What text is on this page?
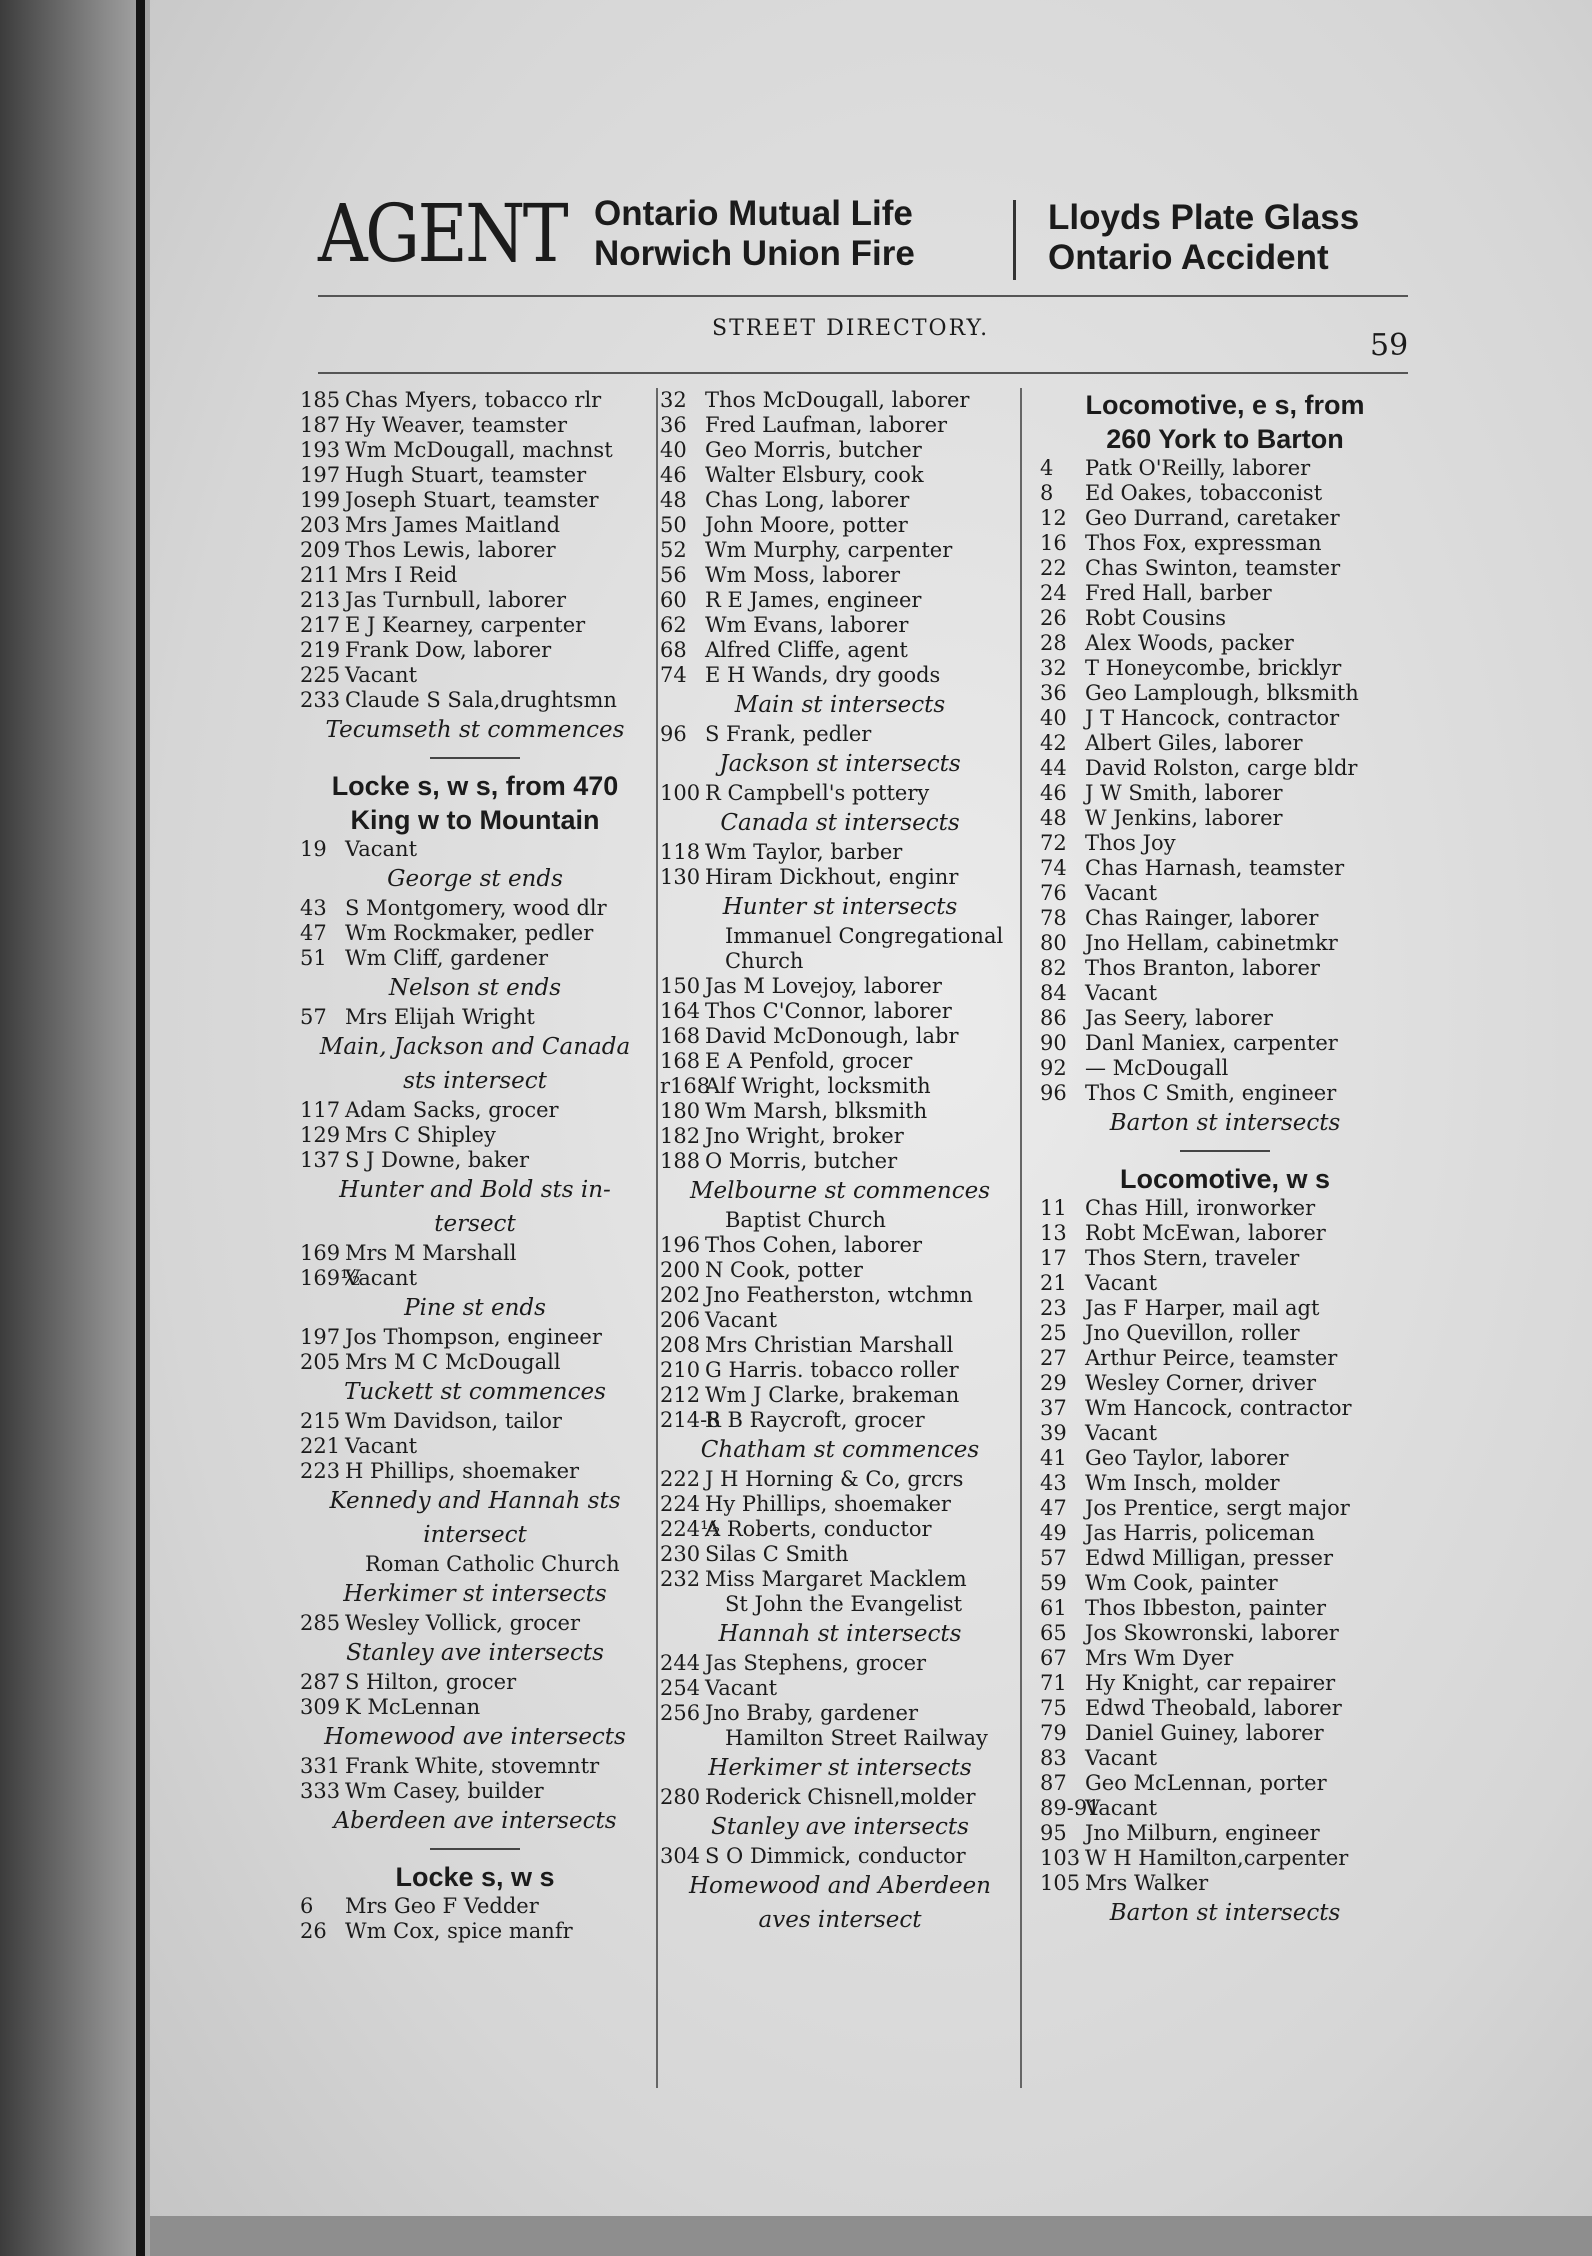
AGENT Ontario Mutual Life
Norwich Union Fire
Lloyds Plate Glass
Ontario Accident
STREET DIRECTORY.	59
185 Chas Myers, tobacco rlr
187 Hy Weaver, teamster
193 Wm McDougall, machnst
197 Hugh Stuart, teamster
199 Joseph Stuart, teamster
203 Mrs James Maitland
209 Thos Lewis, laborer
211 Mrs I Reid
213 Jas Turnbull, laborer
217 E J Kearney, carpenter
219 Frank Dow, laborer
225 Vacant
233 Claude S Sala,drughtsmn
Tecumseth st commences
Locke s, w s, from 470
King w to Mountain
19 Vacant
George st ends
43 S Montgomery, wood dlr
47 Wm Rockmaker, pedler
51 Wm Cliff, gardener
Nelson st ends
57 Mrs Elijah Wright
Main, Jackson and Canada
sts intersect
117 Adam Sacks, grocer
129 Mrs C Shipley
137 S J Downe, baker
Hunter and Bold sts in-
tersect
169 Mrs M Marshall
169½Vacant
Pine st ends
197 Jos Thompson, engineer
205 Mrs M C McDougall
Tuckett st commences
215 Wm Davidson, tailor
221 Vacant
223 H Phillips, shoemaker
Kennedy and Hannah sts
intersect
Roman Catholic Church
Herkimer st intersects
285 Wesley Vollick, grocer
Stanley ave intersects
287 S Hilton, grocer
309 K McLennan
Homewood ave intersects
331 Frank White, stovemntr
333 Wm Casey, builder
Aberdeen ave intersects
Locke s, w s
6 Mrs Geo F Vedder
26 Wm Cox, spice manfr
32 Thos McDougall, laborer
36 Fred Laufman, laborer
40 Geo Morris, butcher
46 Walter Elsbury, cook
48 Chas Long, laborer
50 John Moore, potter
52 Wm Murphy, carpenter
56 Wm Moss, laborer
60 R E James, engineer
62 Wm Evans, laborer
68 Alfred Cliffe, agent
74 E H Wands, dry goods
Main st intersects
96 S Frank, pedler
Jackson st intersects
100 R Campbell's pottery
Canada st intersects
118 Wm Taylor, barber
130 Hiram Dickhout, enginr
Hunter st intersects
Immanuel Congregational
Church
150 Jas M Lovejoy, laborer
164 Thos C'Connor, laborer
168 David McDonough, labr
168 E A Penfold, grocer
r168Alf Wright, locksmith
180 Wm Marsh, blksmith
182 Jno Wright, broker
188 O Morris, butcher
Melbourne st commences
Baptist Church
196 Thos Cohen, laborer
200 N Cook, potter
202 Jno Featherston, wtchmn
206 Vacant
208 Mrs Christian Marshall
210 G Harris. tobacco roller
212 Wm J Clarke, brakeman
214-8R B Raycroft, grocer
Chatham st commences
222 J H Horning & Co, grcrs
224 Hy Phillips, shoemaker
224½A Roberts, conductor
230 Silas C Smith
232 Miss Margaret Macklem
St John the Evangelist
Hannah st intersects
244 Jas Stephens, grocer
254 Vacant
256 Jno Braby, gardener
Hamilton Street Railway
Herkimer st intersects
280 Roderick Chisnell,molder
Stanley ave intersects
304 S O Dimmick, conductor
Homewood and Aberdeen
aves intersect
Locomotive, e s, from
260 York to Barton
4 Patk O'Reilly, laborer
8 Ed Oakes, tobacconist
12 Geo Durrand, caretaker
16 Thos Fox, expressman
22 Chas Swinton, teamster
24 Fred Hall, barber
26 Robt Cousins
28 Alex Woods, packer
32 T Honeycombe, bricklyr
36 Geo Lamplough, blksmith
40 J T Hancock, contractor
42 Albert Giles, laborer
44 David Rolston, carge bldr
46 J W Smith, laborer
48 W Jenkins, laborer
72 Thos Joy
74 Chas Harnash, teamster
76 Vacant
78 Chas Rainger, laborer
80 Jno Hellam, cabinetmkr
82 Thos Branton, laborer
84 Vacant
86 Jas Seery, laborer
90 Danl Maniex, carpenter
92 — McDougall
96 Thos C Smith, engineer
Barton st intersects
Locomotive, w s
11 Chas Hill, ironworker
13 Robt McEwan, laborer
17 Thos Stern, traveler
21 Vacant
23 Jas F Harper, mail agt
25 Jno Quevillon, roller
27 Arthur Peirce, teamster
29 Wesley Corner, driver
37 Wm Hancock, contractor
39 Vacant
41 Geo Taylor, laborer
43 Wm Insch, molder
47 Jos Prentice, sergt major
49 Jas Harris, policeman
57 Edwd Milligan, presser
59 Wm Cook, painter
61 Thos Ibbeston, painter
65 Jos Skowronski, laborer
67 Mrs Wm Dyer
71 Hy Knight, car repairer
75 Edwd Theobald, laborer
79 Daniel Guiney, laborer
83 Vacant
87 Geo McLennan, porter
89-91Vacant
95 Jno Milburn, engineer
103 W H Hamilton,carpenter
105 Mrs Walker
Barton st intersects
